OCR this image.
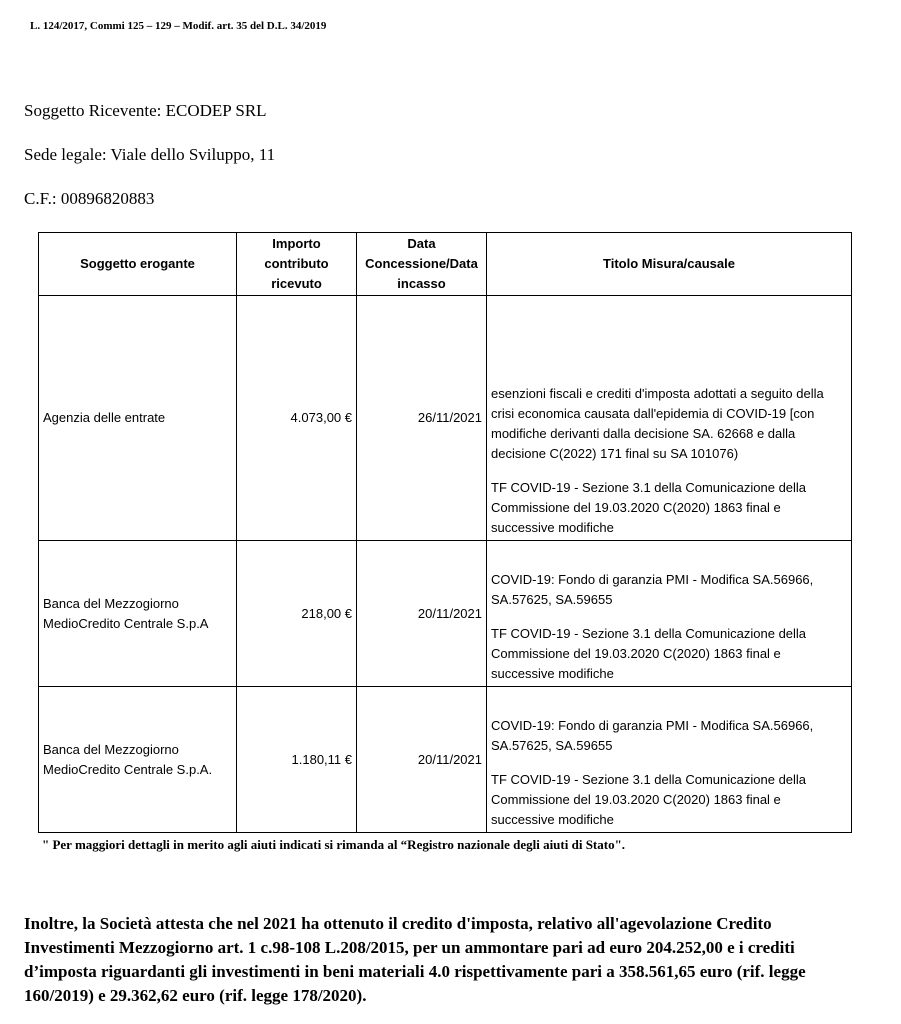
L. 124/2017, Commi 125 – 129 – Modif. art. 35 del D.L. 34/2019
Soggetto Ricevente: ECODEP SRL
Sede legale: Viale dello Sviluppo, 11
C.F.: 00896820883
Soggetto erogante	Importo contributo ricevuto	Data Concessione/Data incasso	Titolo Misura/causale
Agenzia delle entrate	4.073,00 €	26/11/2021	esenzioni fiscali e crediti d'imposta adottati a seguito della crisi economica causata dall'epidemia di COVID-19 [con modifiche derivanti dalla decisione SA. 62668 e dalla decisione C(2022) 171 final su SA 101076)

TF COVID-19 - Sezione 3.1 della Comunicazione della Commissione del 19.03.2020 C(2020) 1863 final e successive modifiche

Banca del Mezzogiorno MedioCredito Centrale S.p.A	218,00 €	20/11/2021	COVID-19: Fondo di garanzia PMI - Modifica SA.56966, SA.57625, SA.59655

TF COVID-19 - Sezione 3.1 della Comunicazione della Commissione del 19.03.2020 C(2020) 1863 final e successive modifiche

Banca del Mezzogiorno MedioCredito Centrale S.p.A.	1.180,11 €	20/11/2021	COVID-19: Fondo di garanzia PMI - Modifica SA.56966, SA.57625, SA.59655

TF COVID-19 - Sezione 3.1 della Comunicazione della Commissione del 19.03.2020 C(2020) 1863 final e successive modifiche

" Per maggiori dettagli in merito agli aiuti indicati si rimanda al “Registro nazionale degli aiuti di Stato".
Inoltre, la Società attesta che nel 2021 ha ottenuto il credito d'imposta, relativo all'agevolazione Credito Investimenti Mezzogiorno art. 1 c.98-108 L.208/2015, per un ammontare pari ad euro 204.252,00 e i crediti d’imposta riguardanti gli investimenti in beni materiali 4.0 rispettivamente pari a 358.561,65 euro (rif. legge 160/2019) e 29.362,62 euro (rif. legge 178/2020).
